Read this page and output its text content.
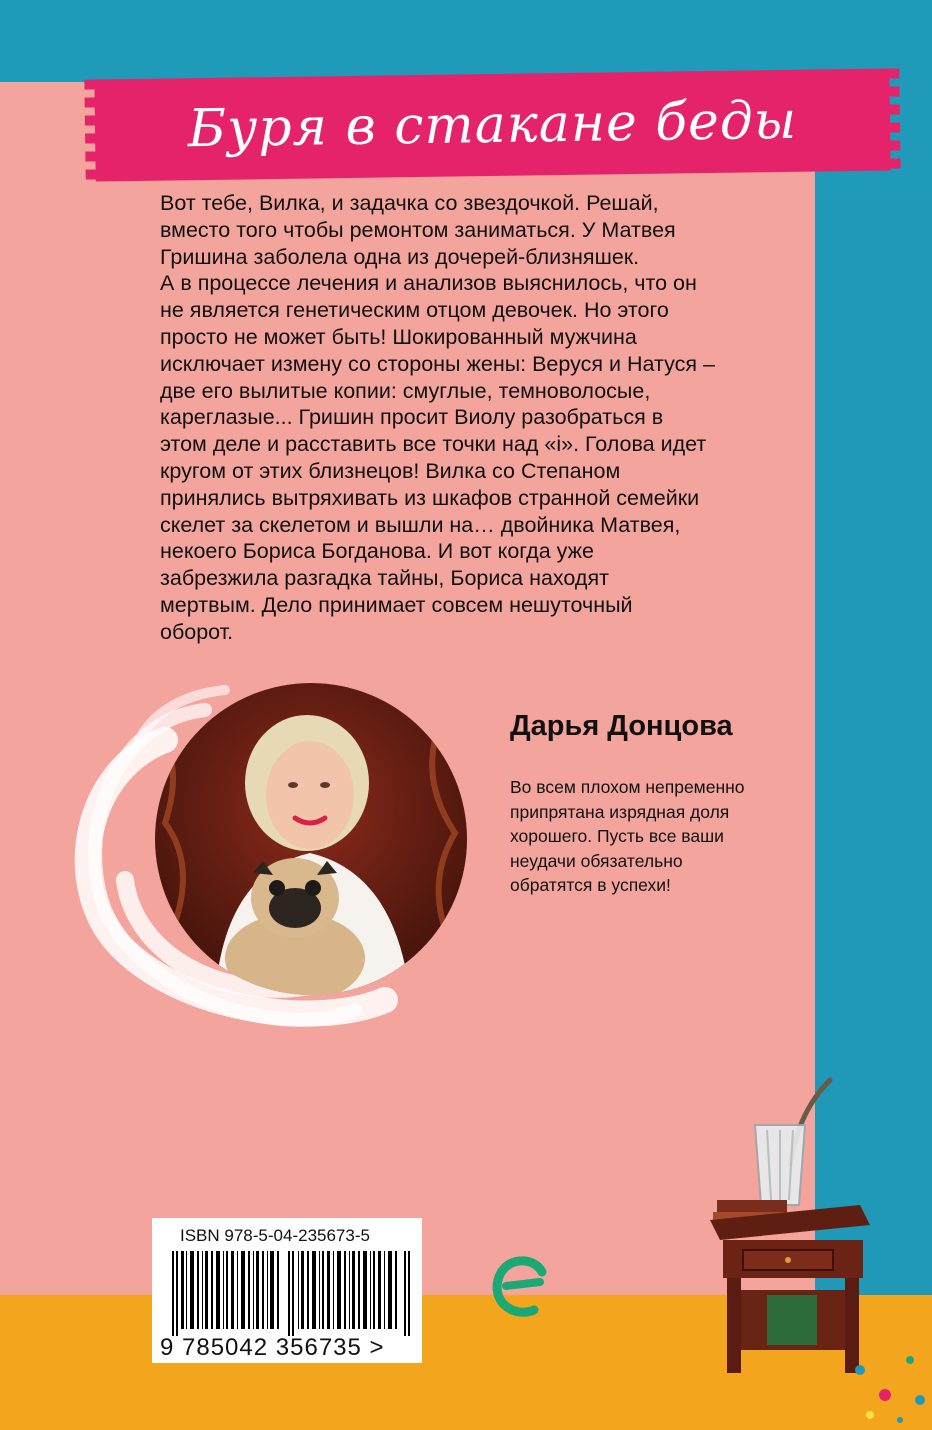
Буря в стакане беды
Вот тебе, Вилка, и задачка со звездочкой. Решай,
вместо того чтобы ремонтом заниматься. У Матвея
Гришина заболела одна из дочерей-близняшек.
А в процессе лечения и анализов выяснилось, что он
не является генетическим отцом девочек. Но этого
просто не может быть! Шокированный мужчина
исключает измену со стороны жены: Веруся и Натуся –
две его вылитые копии: смуглые, темноволосые,
кареглазые... Гришин просит Виолу разобраться в
этом деле и расставить все точки над «i». Голова идет
кругом от этих близнецов! Вилка со Степаном
принялись вытряхивать из шкафов странной семейки
скелет за скелетом и вышли на… двойника Матвея,
некоего Бориса Богданова. И вот когда уже
забрезжила разгадка тайны, Бориса находят
мертвым. Дело принимает совсем нешуточный
оборот.
Дарья Донцова
Во всем плохом непременно
припрятана изрядная доля
хорошего. Пусть все ваши
неудачи обязательно
обратятся в успехи!
ISBN 978-5-04-235673-5
9 785042 356735 >
